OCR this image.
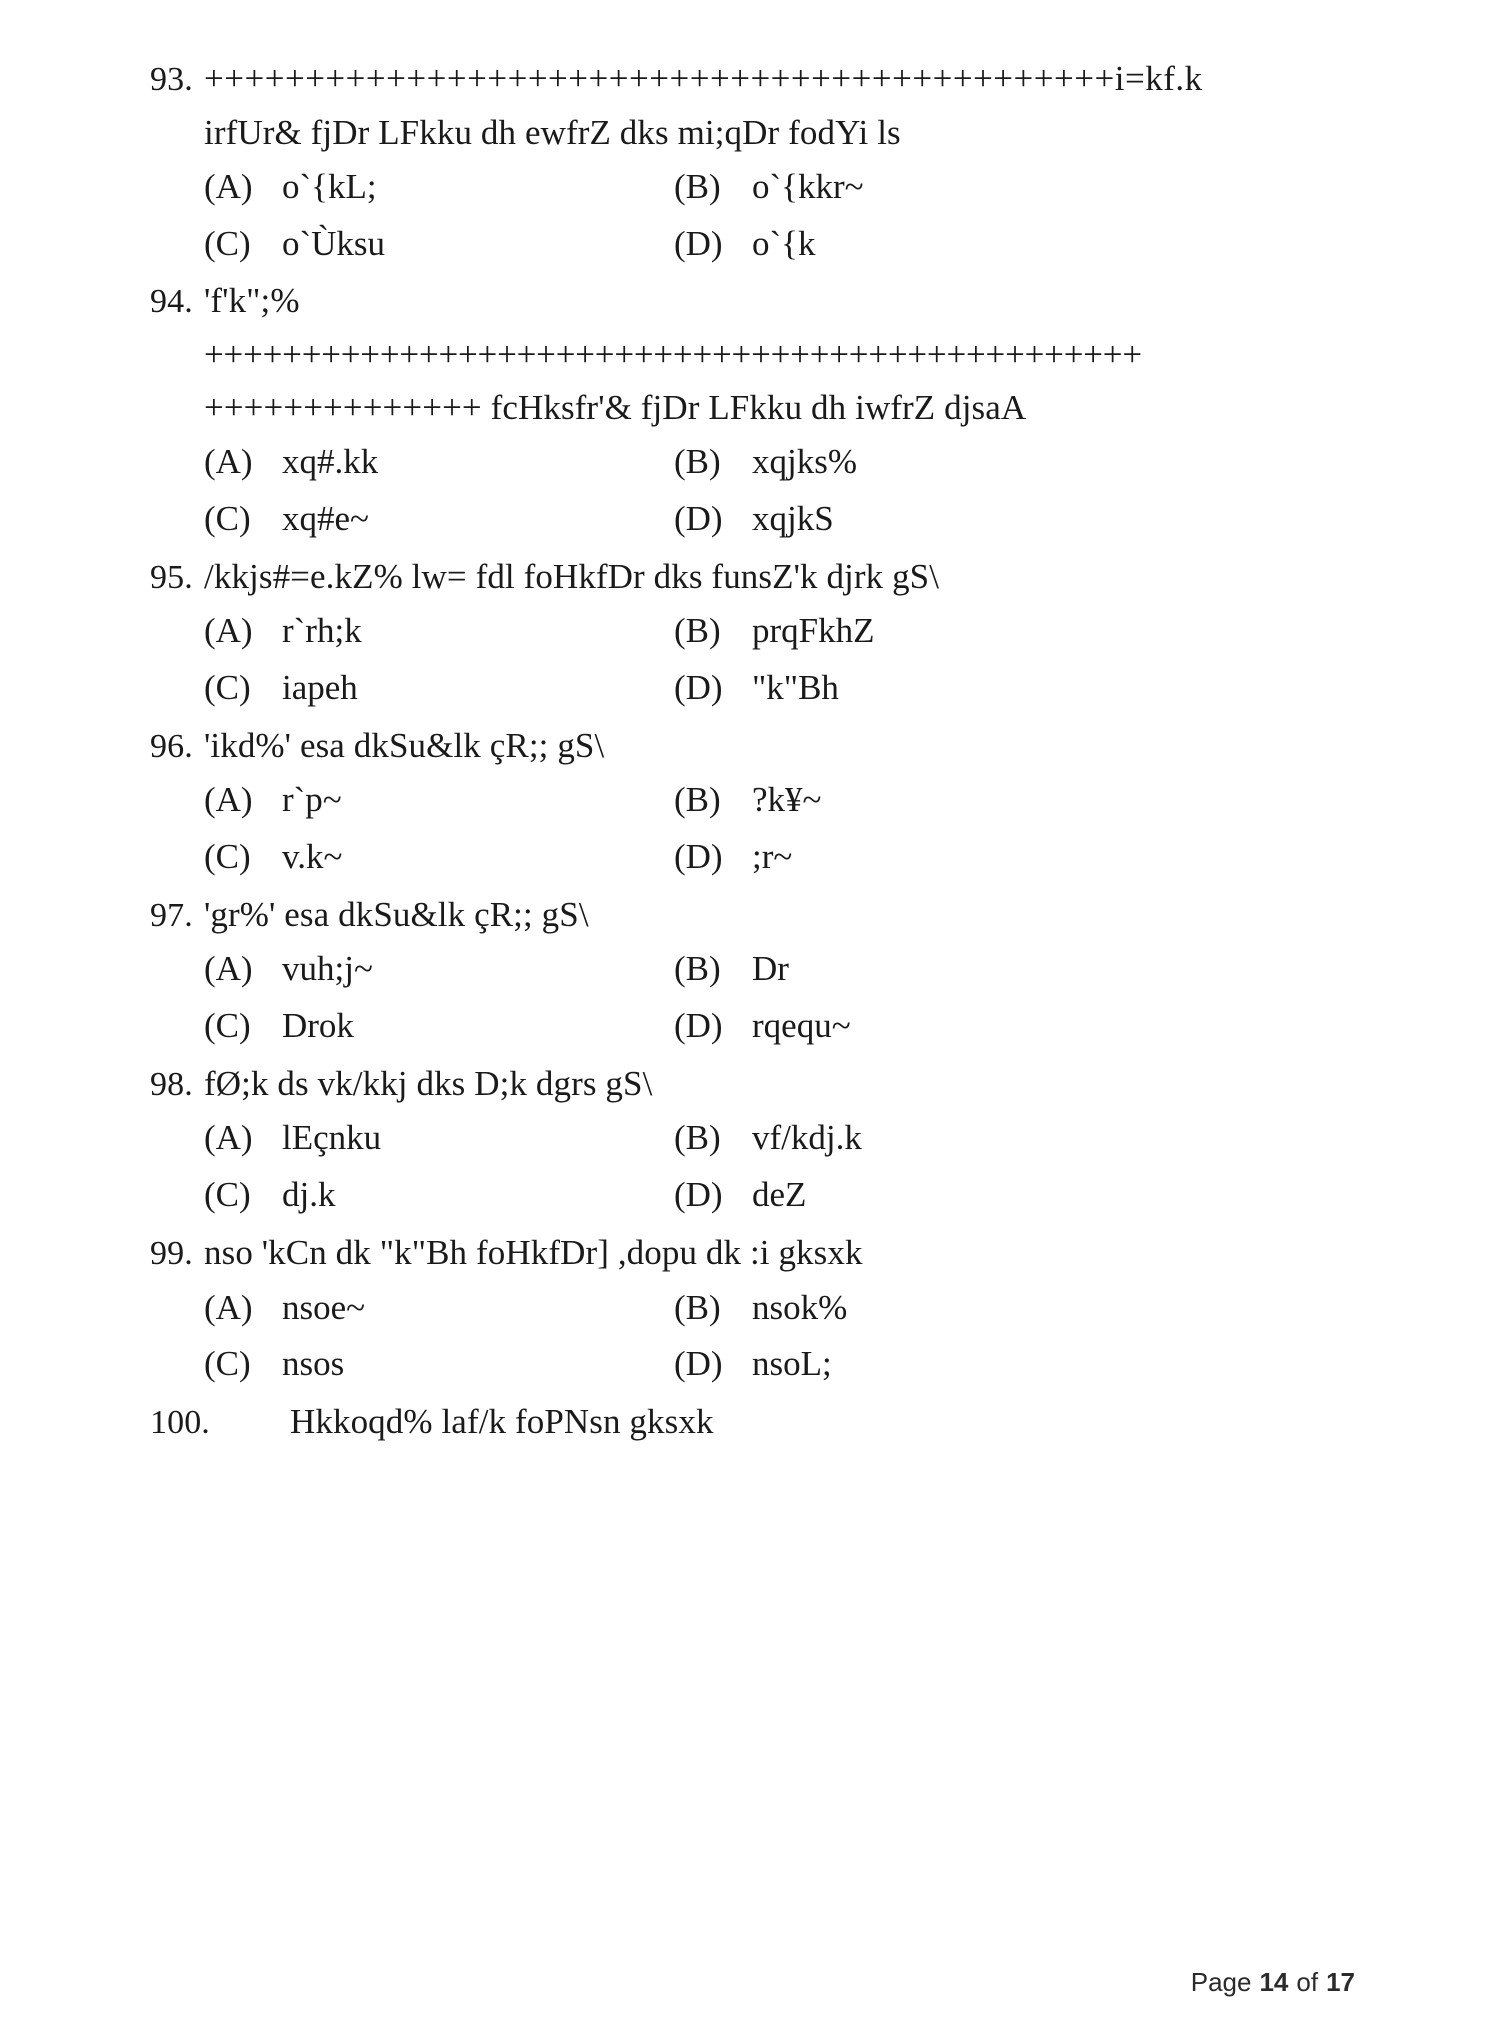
93. +++++++++++++++++++++++++++++++++++++++++++++i=kf.k
irfUr& fjDr LFkku dh ewfrZ dks mi;qDr fodYi ls
(A) o`{kL;	(B) o`{kkr~
(C) o`Ùksu	(D) o`{k
94. 'f'k";%
++++++++++++++++++++++++++++++++++++++++++++++++
++++++++++++++ fcHksfr'& fjDr LFkku dh iwfrZ djsaA
(A) xq#.kk	(B) xqjks%
(C) xq#e~	(D) xqjkS
95. /kkjs#=e.kZ% lw= fdl foHkfDr dks funsZ'k djrk gS\
(A) r`rh;k	(B) prqFkhZ
(C) iapeh	(D) "k"Bh
96. 'ikd%' esa dkSu&lk çR;; gS\
(A) r`p~	(B) ?k¥~
(C) v.k~	(D) ;r~
97. 'gr%' esa dkSu&lk çR;; gS\
(A) vuh;j~	(B) Dr
(C) Drok	(D) rqequ~
98. fØ;k ds vk/kkj dks D;k dgrs gS\
(A) lEçnku	(B) vf/kdj.k
(C) dj.k	(D) deZ
99. nso 'kCn dk "k"Bh foHkfDr] ,dopu dk :i gksxk
(A) nsoe~	(B) nsok%
(C) nsos	(D) nsoL;
100.	Hkkoqd% laf/k foPNsn gksxk
Page 14 of 17
